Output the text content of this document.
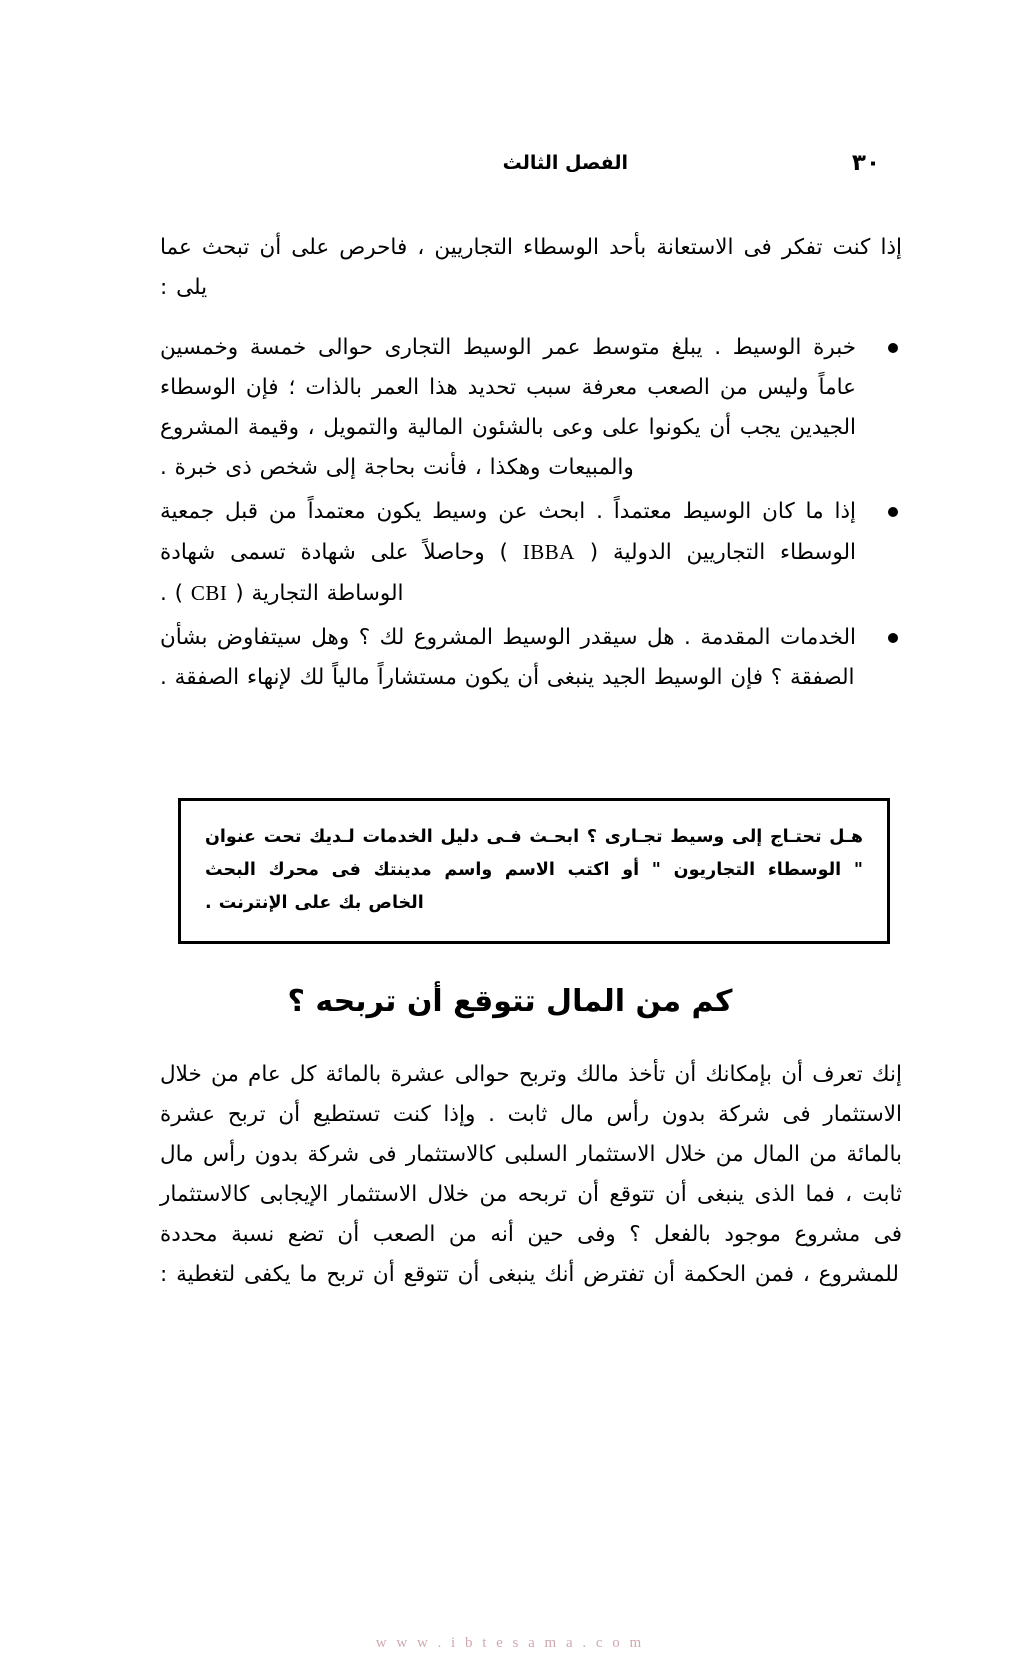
٣٠
الفصل الثالث

إذا كنت تفكر فى الاستعانة بأحد الوسطاء التجاريين ، فاحرص على أن تبحث عما يلى :

خبرة الوسيط . يبلغ متوسط عمر الوسيط التجارى حوالى خمسة وخمسين عاماً وليس من الصعب معرفة سبب تحديد هذا العمر بالذات ؛ فإن الوسطاء الجيدين يجب أن يكونوا على وعى بالشئون المالية والتمويل ، وقيمة المشروع والمبيعات وهكذا ، فأنت بحاجة إلى شخص ذى خبرة .
إذا ما كان الوسيط معتمداً . ابحث عن وسيط يكون معتمداً من قبل جمعية الوسطاء التجاريين الدولية ( IBBA ) وحاصلاً على شهادة تسمى شهادة الوساطة التجارية ( CBI ) .
الخدمات المقدمة . هل سيقدر الوسيط المشروع لك ؟ وهل سيتفاوض بشأن الصفقة ؟ فإن الوسيط الجيد ينبغى أن يكون مستشاراً مالياً لك لإنهاء الصفقة .
هـل تحتـاج إلى وسيط تجـارى ؟ ابحـث فـى دليل الخدمات لـديك تحت عنوان " الوسطاء التجاريون " أو اكتب الاسم واسم مدينتك فى محرك البحث الخاص بك على الإنترنت .
كم من المال تتوقع أن تربحه ؟

إنك تعرف أن بإمكانك أن تأخذ مالك وتربح حوالى عشرة بالمائة كل عام من خلال الاستثمار فى شركة بدون رأس مال ثابت . وإذا كنت تستطيع أن تربح عشرة بالمائة من المال من خلال الاستثمار السلبى كالاستثمار فى شركة بدون رأس مال ثابت ، فما الذى ينبغى أن تتوقع أن تربحه من خلال الاستثمار الإيجابى كالاستثمار فى مشروع موجود بالفعل ؟ وفى حين أنه من الصعب أن تضع نسبة محددة للمشروع ، فمن الحكمة أن تفترض أنك ينبغى أن تتوقع أن تربح ما يكفى لتغطية :

w w w . i b t e s a m a . c o m
